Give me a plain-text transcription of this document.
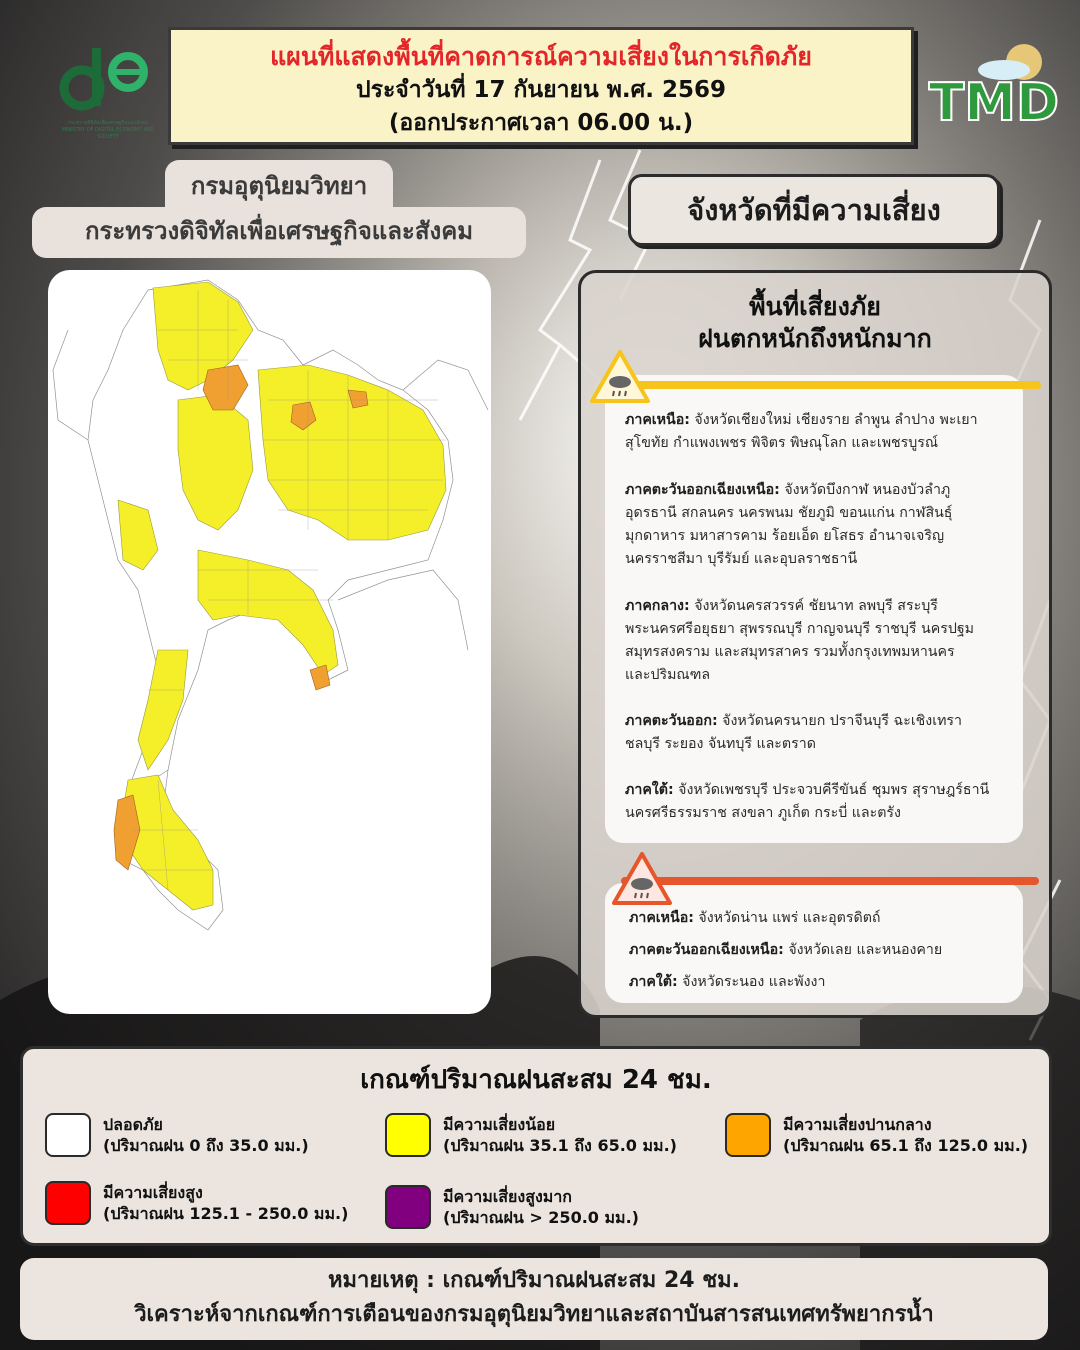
กระทรวงดิจิทัลเพื่อเศรษฐกิจและสังคม
MINISTRY OF DIGITAL ECONOMY AND SOCIETY
แผนที่แสดงพื้นที่คาดการณ์ความเสี่ยงในการเกิดภัย
ประจำวันที่ 17 กันยายน พ.ศ. 2569
(ออกประกาศเวลา 06.00 น.)	TMD
กรมอุตุนิยมวิทยา
กระทรวงดิจิทัลเพื่อเศรษฐกิจและสังคม
จังหวัดที่มีความเสี่ยง
พื้นที่เสี่ยงภัย
ฝนตกหนักถึงหนักมาก
ภาคเหนือ: จังหวัดเชียงใหม่ เชียงราย ลำพูน ลำปาง พะเยา
สุโขทัย กำแพงเพชร พิจิตร พิษณุโลก และเพชรบูรณ์
ภาคตะวันออกเฉียงเหนือ: จังหวัดบึงกาฬ หนองบัวลำภู
อุดรธานี สกลนคร นครพนม ชัยภูมิ ขอนแก่น กาฬสินธุ์
มุกดาหาร มหาสารคาม ร้อยเอ็ด ยโสธร อำนาจเจริญ
นครราชสีมา บุรีรัมย์ และอุบลราชธานี
ภาคกลาง: จังหวัดนครสวรรค์ ชัยนาท ลพบุรี สระบุรี
พระนครศรีอยุธยา สุพรรณบุรี กาญจนบุรี ราชบุรี นครปฐม
สมุทรสงคราม และสมุทรสาคร รวมทั้งกรุงเทพมหานคร
และปริมณฑล
ภาคตะวันออก: จังหวัดนครนายก ปราจีนบุรี ฉะเชิงเทรา
ชลบุรี ระยอง จันทบุรี และตราด
ภาคใต้: จังหวัดเพชรบุรี ประจวบคีรีขันธ์ ชุมพร สุราษฎร์ธานี
นครศรีธรรมราช สงขลา ภูเก็ต กระบี่ และตรัง
ภาคเหนือ: จังหวัดน่าน แพร่ และอุตรดิตถ์
ภาคตะวันออกเฉียงเหนือ: จังหวัดเลย และหนองคาย
ภาคใต้: จังหวัดระนอง และพังงา
เกณฑ์ปริมาณฝนสะสม 24 ชม.
ปลอดภัย
(ปริมาณฝน 0 ถึง 35.0 มม.)
มีความเสี่ยงน้อย
(ปริมาณฝน 35.1 ถึง 65.0 มม.)
มีความเสี่ยงปานกลาง
(ปริมาณฝน 65.1 ถึง 125.0 มม.)
มีความเสี่ยงสูง
(ปริมาณฝน 125.1 - 250.0 มม.)
มีความเสี่ยงสูงมาก
(ปริมาณฝน > 250.0 มม.)
หมายเหตุ : เกณฑ์ปริมาณฝนสะสม 24 ชม.
วิเคราะห์จากเกณฑ์การเตือนของกรมอุตุนิยมวิทยาและสถาบันสารสนเทศทรัพยากรน้ำ
